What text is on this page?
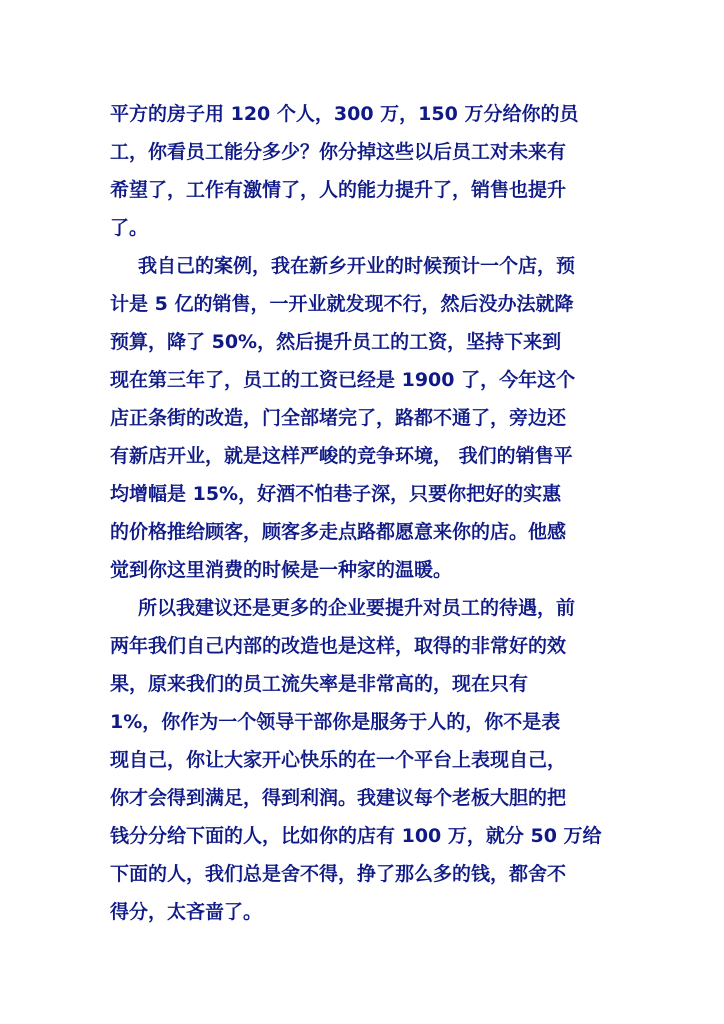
平方的房子用 120 个人，300 万，150 万分给你的员
工，你看员工能分多少？你分掉这些以后员工对未来有
希望了，工作有激情了，人的能力提升了，销售也提升
了。
我自己的案例，我在新乡开业的时候预计一个店，预
计是 5 亿的销售，一开业就发现不行，然后没办法就降
预算，降了 50%，然后提升员工的工资，坚持下来到
现在第三年了，员工的工资已经是 1900 了，今年这个
店正条街的改造，门全部堵完了，路都不通了，旁边还
有新店开业，就是这样严峻的竞争环境， 我们的销售平
均增幅是 15%，好酒不怕巷子深，只要你把好的实惠
的价格推给顾客，顾客多走点路都愿意来你的店。他感
觉到你这里消费的时候是一种家的温暖。
所以我建议还是更多的企业要提升对员工的待遇，前
两年我们自己内部的改造也是这样，取得的非常好的效
果，原来我们的员工流失率是非常高的，现在只有
1%，你作为一个领导干部你是服务于人的，你不是表
现自己，你让大家开心快乐的在一个平台上表现自己，
你才会得到满足，得到利润。我建议每个老板大胆的把
钱分分给下面的人，比如你的店有 100 万，就分 50 万给
下面的人，我们总是舍不得，挣了那么多的钱，都舍不
得分，太吝啬了。
